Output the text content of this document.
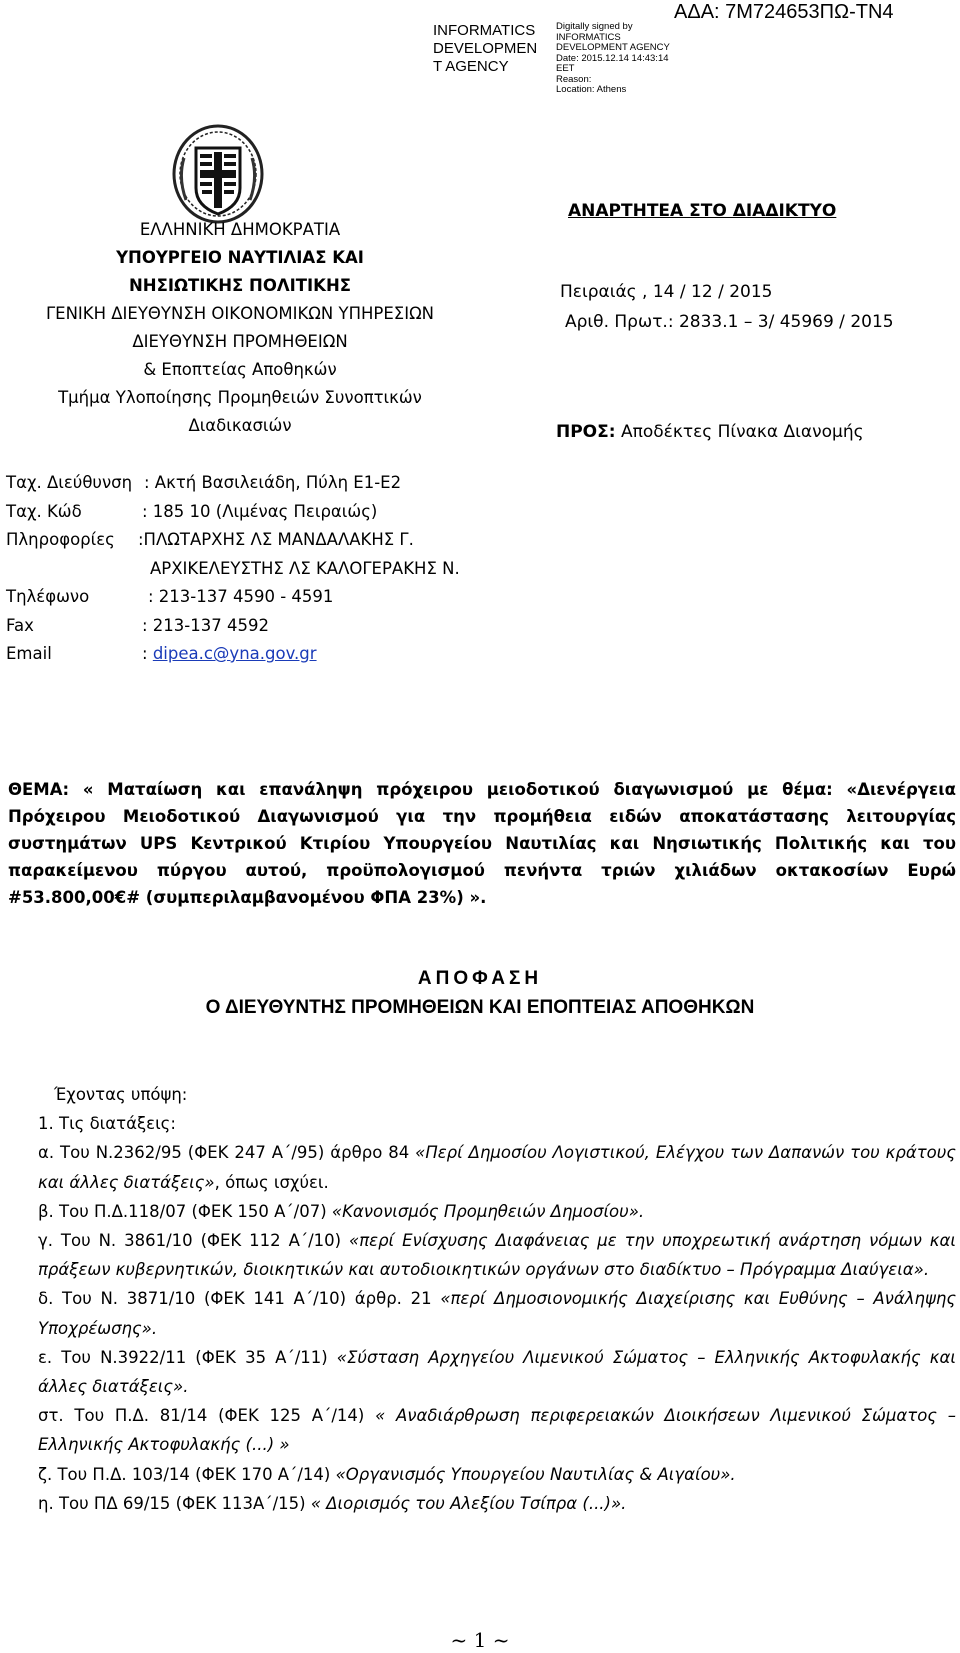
INFORMATICS
DEVELOPMEN
T AGENCY
Digitally signed by
INFORMATICS
DEVELOPMENT AGENCY
Date: 2015.12.14 14:43:14
EET
Reason:
Location: Athens
ΑΔΑ: 7Μ724653ΠΩ-ΤΝ4
ΕΛΛΗΝΙΚΗ ΔΗΜΟΚΡΑΤΙΑ
ΥΠΟΥΡΓΕΙΟ ΝΑΥΤΙΛΙΑΣ ΚΑΙ
ΝΗΣΙΩΤΙΚΗΣ ΠΟΛΙΤΙΚΗΣ
ΓΕΝΙΚΗ ΔΙΕΥΘΥΝΣΗ ΟΙΚΟΝΟΜΙΚΩΝ ΥΠΗΡΕΣΙΩΝ
ΔΙΕΥΘΥΝΣΗ ΠΡΟΜΗΘΕΙΩΝ
& Εποπτείας Αποθηκών
Τμήμα Υλοποίησης Προμηθειών Συνοπτικών
Διαδικασιών
ΑΝΑΡΤΗΤΕΑ ΣΤΟ ΔΙΑΔΙΚΤΥΟ
Πειραιάς , 14 / 12 / 2015
Αριθ. Πρωτ.: 2833.1 – 3/ 45969 / 2015
ΠΡΟΣ: Αποδέκτες Πίνακα Διανομής
Ταχ. Διεύθυνση : Ακτή Βασιλειάδη, Πύλη Ε1-Ε2
Ταχ. Κώδ	: 185 10 (Λιμένας Πειραιώς)
Πληροφορίες :ΠΛΩΤΑΡΧΗΣ ΛΣ ΜΑΝΔΑΛΑΚΗΣ Γ.
ΑΡΧΙΚΕΛΕΥΣΤΗΣ ΛΣ ΚΑΛΟΓΕΡΑΚΗΣ Ν.
Τηλέφωνο	: 213-137 4590 - 4591
Fax	: 213-137 4592
Email	: dipea.c@yna.gov.gr
ΘΕΜΑ: « Ματαίωση και επανάληψη πρόχειρου μειοδοτικού διαγωνισμού με θέμα: «Διενέργεια Πρόχειρου Μειοδοτικού Διαγωνισμού για την προμήθεια ειδών αποκατάστασης λειτουργίας συστημάτων UPS Κεντρικού Κτιρίου Υπουργείου Ναυτιλίας και Νησιωτικής Πολιτικής και του παρακείμενου πύργου αυτού, προϋπολογισμού πενήντα τριών χιλιάδων οκτακοσίων Ευρώ #53.800,00€# (συμπεριλαμβανομένου ΦΠΑ 23%) ».
ΑΠΟΦΑΣΗ
Ο ΔΙΕΥΘΥΝΤΗΣ ΠΡΟΜΗΘΕΙΩΝ ΚΑΙ ΕΠΟΠΤΕΙΑΣ ΑΠΟΘΗΚΩΝ

Έχοντας υπόψη:

1. Τις διατάξεις:

α. Του Ν.2362/95 (ΦΕΚ 247 Α΄/95) άρθρο 84 «Περί Δημοσίου Λογιστικού, Ελέγχου των Δαπανών του κράτους και άλλες διατάξεις», όπως ισχύει.

β. Του Π.Δ.118/07 (ΦΕΚ 150 Α΄/07) «Κανονισμός Προμηθειών Δημοσίου».

γ. Του Ν. 3861/10 (ΦΕΚ 112 Α΄/10) «περί Ενίσχυσης Διαφάνειας με την υποχρεωτική ανάρτηση νόμων και πράξεων κυβερνητικών, διοικητικών και αυτοδιοικητικών οργάνων στο διαδίκτυο – Πρόγραμμα Διαύγεια».

δ. Του Ν. 3871/10 (ΦΕΚ 141 Α΄/10) άρθρ. 21 «περί Δημοσιονομικής Διαχείρισης και Ευθύνης – Ανάληψης Υποχρέωσης».

ε. Του Ν.3922/11 (ΦΕΚ 35 Α΄/11) «Σύσταση Αρχηγείου Λιμενικού Σώματος – Ελληνικής Ακτοφυλακής και άλλες διατάξεις».

στ. Του Π.Δ. 81/14 (ΦΕΚ 125 Α΄/14) « Αναδιάρθρωση περιφερειακών Διοικήσεων Λιμενικού Σώματος – Ελληνικής Ακτοφυλακής (...) »

ζ. Του Π.Δ. 103/14 (ΦΕΚ 170 Α΄/14) «Οργανισμός Υπουργείου Ναυτιλίας & Αιγαίου».

η. Του ΠΔ 69/15 (ΦΕΚ 113Α΄/15) « Διορισμός του Αλεξίου Τσίπρα (...)».

~ 1 ~
